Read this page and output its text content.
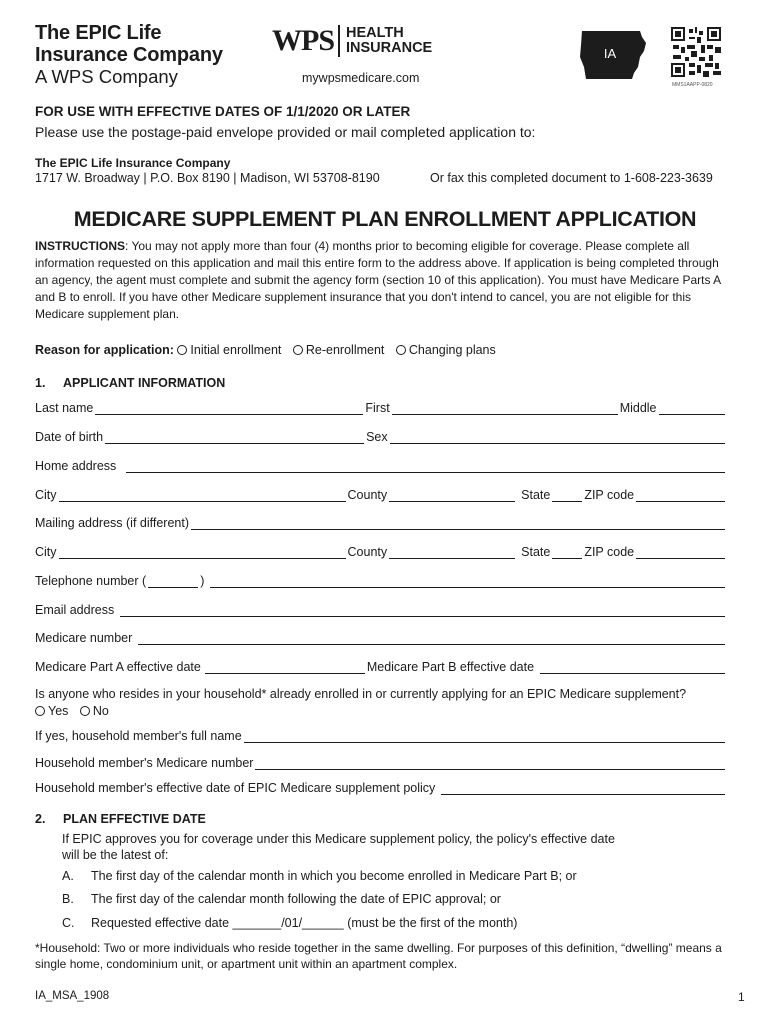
The EPIC Life
Insurance Company
A WPS Company
WPS HEALTH
INSURANCE
mywpsmedicare.com
IA
MMS1AAPP-0820
FOR USE WITH EFFECTIVE DATES OF 1/1/2020 OR LATER
Please use the postage-paid envelope provided or mail completed application to:
The EPIC Life Insurance Company
1717 W. Broadway | P.O. Box 8190 | Madison, WI 53708-8190	Or fax this completed document to 1-608-223-3639
MEDICARE SUPPLEMENT PLAN ENROLLMENT APPLICATION
INSTRUCTIONS: You may not apply more than four (4) months prior to becoming eligible for coverage. Please complete all information requested on this application and mail this entire form to the address above. If application is being completed through an agency, the agent must complete and submit the agency form (section 10 of this application). You must have Medicare Parts A and B to enroll. If you have other Medicare supplement insurance that you don't intend to cancel, you are not eligible for this Medicare supplement plan.
Reason for application: Initial enrollment Re-enrollment Changing plans
1. APPLICANT INFORMATION
Last name	First	Middle
Date of birth	Sex
Home address
City	County	State	ZIP code
Mailing address (if different)
City	County	State	ZIP code
Telephone number (	)
Email address
Medicare number
Medicare Part A effective date	Medicare Part B effective date
Is anyone who resides in your household* already enrolled in or currently applying for an EPIC Medicare supplement?
Yes No
If yes, household member's full name
Household member's Medicare number
Household member's effective date of EPIC Medicare supplement policy
2. PLAN EFFECTIVE DATE
If EPIC approves you for coverage under this Medicare supplement policy, the policy's effective date
will be the latest of:
A. The first day of the calendar month in which you become enrolled in Medicare Part B; or
B. The first day of the calendar month following the date of EPIC approval; or
C. Requested effective date _______/01/______ (must be the first of the month)
*Household: Two or more individuals who reside together in the same dwelling. For purposes of this definition, “dwelling” means a single home, condominium unit, or apartment unit within an apartment complex.
IA_MSA_1908	1
